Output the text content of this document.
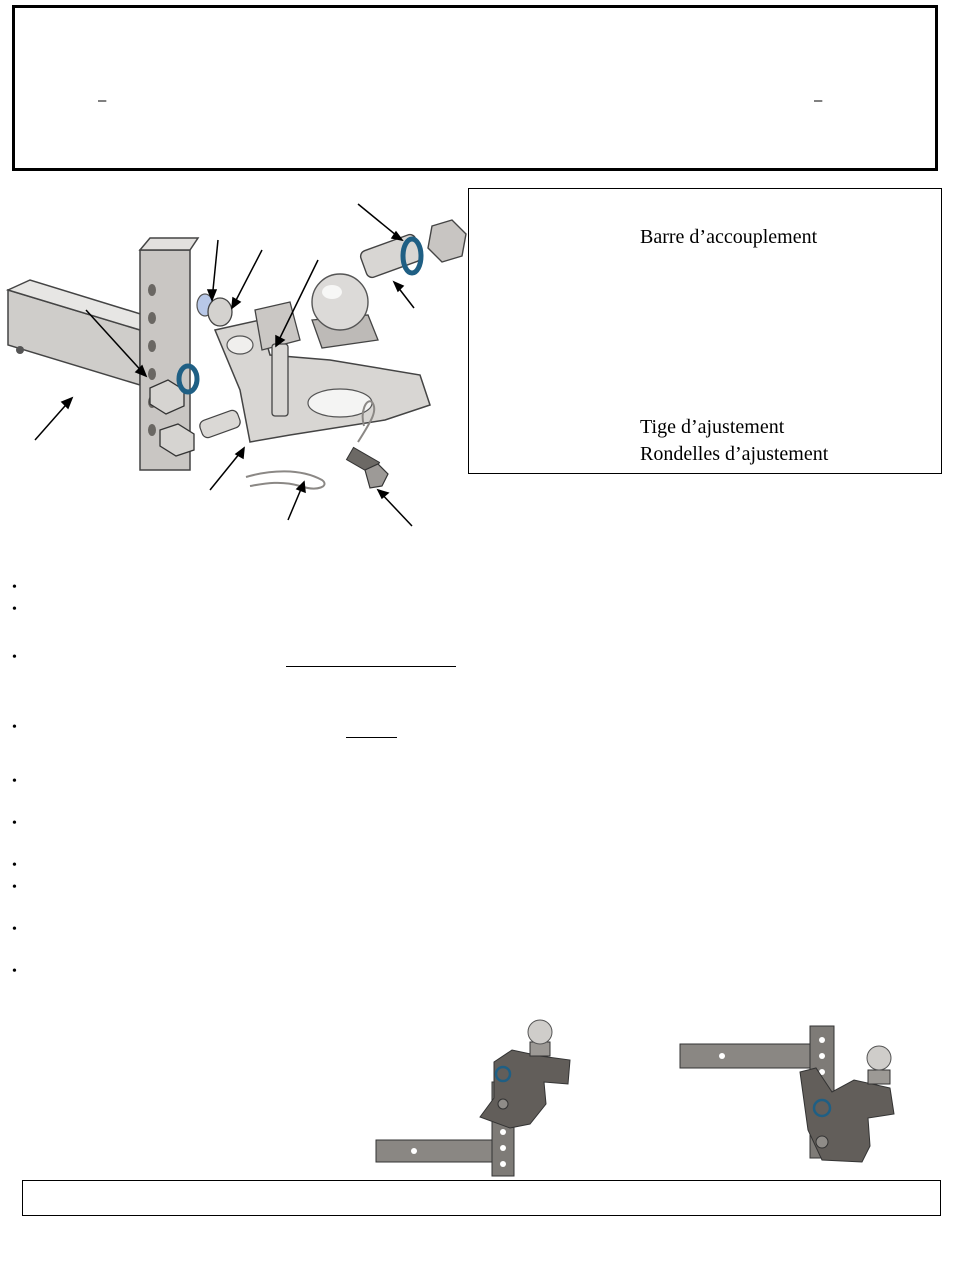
–	–
Barre d’accouplement
Tige d’ajustement
Rondelles d’ajustement
•
•
•
•
•
•
•
•
•
•
